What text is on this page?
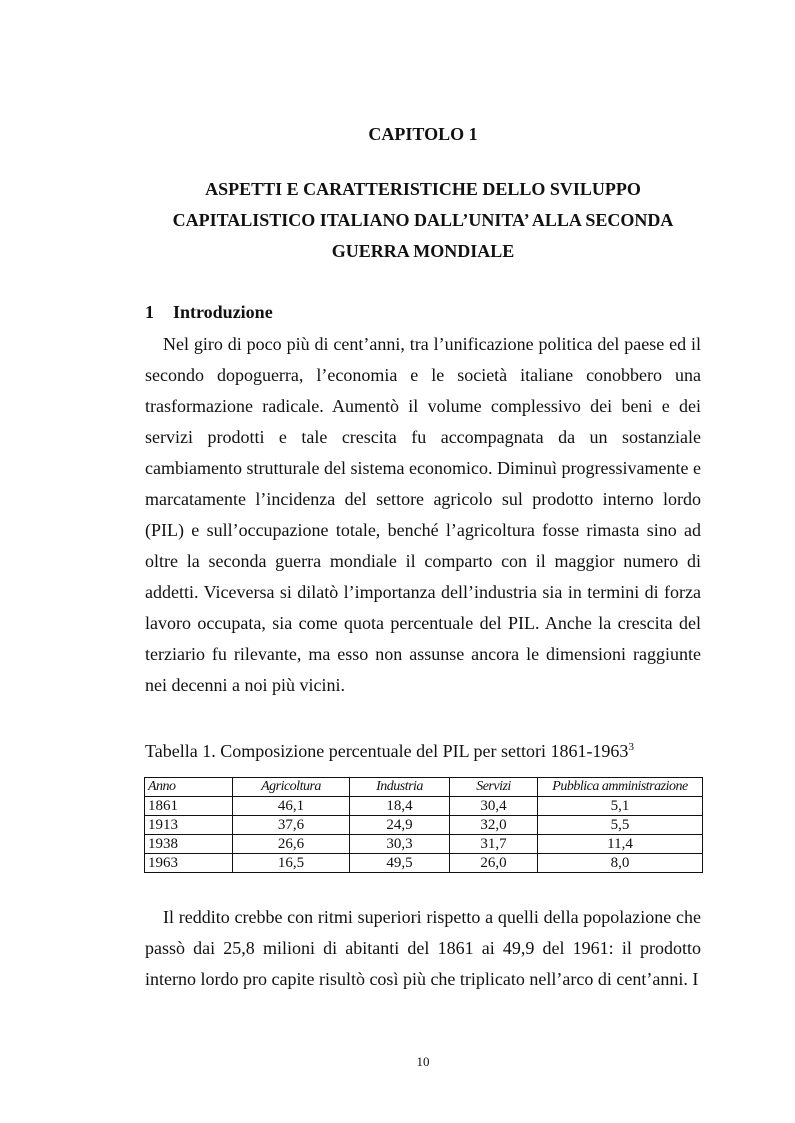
CAPITOLO 1
ASPETTI E CARATTERISTICHE DELLO SVILUPPO
CAPITALISTICO ITALIANO DALL’UNITA’ ALLA SECONDA
GUERRA MONDIALE
1 Introduzione

Nel giro di poco più di cent’anni, tra l’unificazione politica del paese ed il secondo dopoguerra, l’economia e le società italiane conobbero una trasformazione radicale. Aumentò il volume complessivo dei beni e dei servizi prodotti e tale crescita fu accompagnata da un sostanziale cambiamento strutturale del sistema economico. Diminuì progressivamente e marcatamente l’incidenza del settore agricolo sul prodotto interno lordo (PIL) e sull’occupazione totale, benché l’agricoltura fosse rimasta sino ad oltre la seconda guerra mondiale il comparto con il maggior numero di addetti. Viceversa si dilatò l’importanza dell’industria sia in termini di forza lavoro occupata, sia come quota percentuale del PIL. Anche la crescita del terziario fu rilevante, ma esso non assunse ancora le dimensioni raggiunte nei decenni a noi più vicini.

Tabella 1. Composizione percentuale del PIL per settori 1861-1963$^3$
Anno	Agricoltura	Industria	Servizi	Pubblica amministrazione
1861	46,1	18,4	30,4	5,1
1913	37,6	24,9	32,0	5,5
1938	26,6	30,3	31,7	11,4
1963	16,5	49,5	26,0	8,0

Il reddito crebbe con ritmi superiori rispetto a quelli della popolazione che passò dai 25,8 milioni di abitanti del 1861 ai 49,9 del 1961: il prodotto interno lordo pro capite risultò così più che triplicato nell’arco di cent’anni. I

10
